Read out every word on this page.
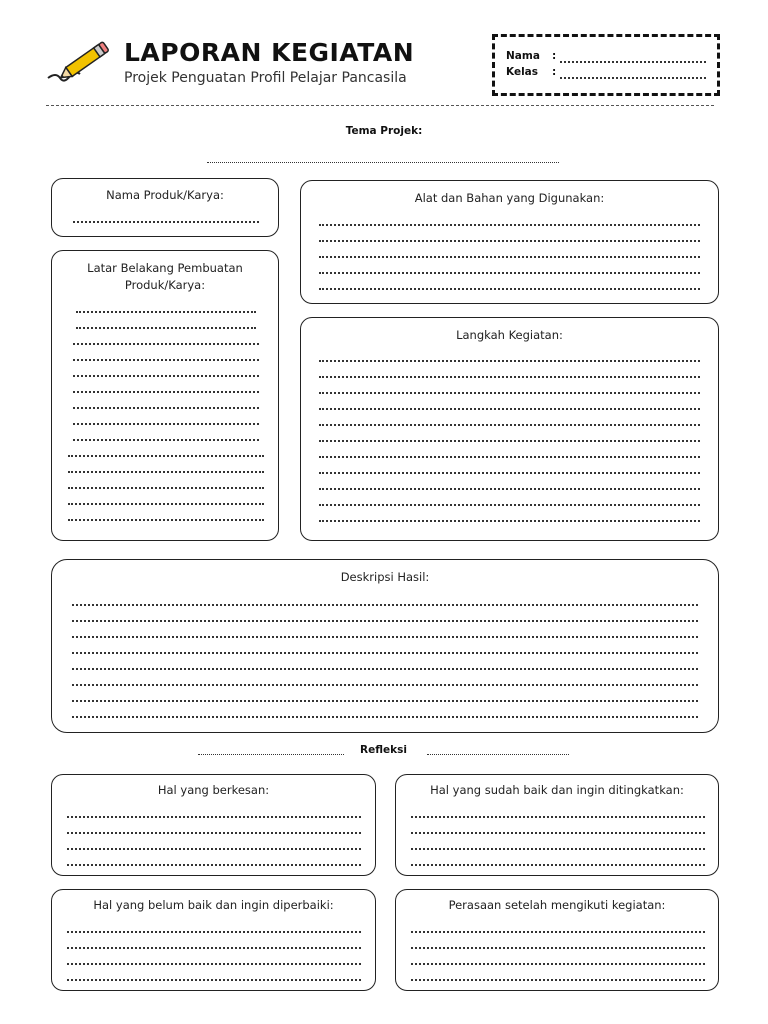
LAPORAN KEGIATAN
Projek Penguatan Profil Pelajar Pancasila
Nama :
Kelas :
Tema Projek:
Nama Produk/Karya:
Latar Belakang Pembuatan
Produk/Karya:
Alat dan Bahan yang Digunakan:
Langkah Kegiatan:
Deskripsi Hasil:
Refleksi
Hal yang berkesan:	Hal yang sudah baik dan ingin ditingkatkan:
Hal yang belum baik dan ingin diperbaiki:	Perasaan setelah mengikuti kegiatan:
